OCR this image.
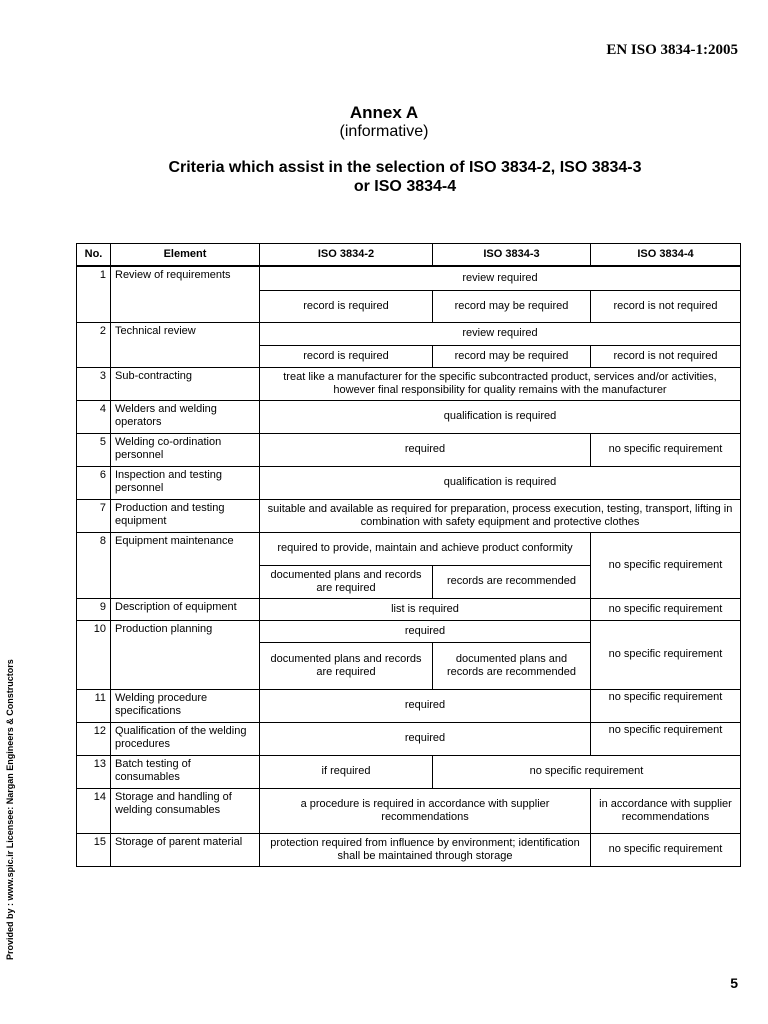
EN ISO 3834-1:2005
Annex A
(informative)
Criteria which assist in the selection of ISO 3834-2, ISO 3834-3
or ISO 3834-4
No.	Element	ISO 3834-2	ISO 3834-3	ISO 3834-4
1	Review of requirements	review required		
		record is required	record may be required	record is not required
2	Technical review	review required		
		record is required	record may be required	record is not required
3	Sub-contracting	treat like a manufacturer for the specific subcontracted product, services and/or activities, however final responsibility for quality remains with the manufacturer		
4	Welders and welding operators	qualification is required		
5	Welding co-ordination personnel	required		no specific requirement
6	Inspection and testing personnel	qualification is required		
7	Production and testing equipment	suitable and available as required for preparation, process execution, testing, transport, lifting in combination with safety equipment and protective clothes		
8	Equipment maintenance	required to provide, maintain and achieve product conformity		no specific requirement
		documented plans and records are required	records are recommended	
9	Description of equipment	list is required		no specific requirement
10	Production planning	required		no specific requirement
		documented plans and records are required	documented plans and records are recommended	
11	Welding procedure specifications	required		no specific requirement
12	Qualification of the welding procedures	required		no specific requirement
13	Batch testing of consumables	if required	no specific requirement	
14	Storage and handling of welding consumables	a procedure is required in accordance with supplier recommendations		in accordance with supplier recommendations
15	Storage of parent material	protection required from influence by environment; identification shall be maintained through storage		no specific requirement
Provided by : www.spic.ir Licensee: Nargan Engineers & Constructors
5
